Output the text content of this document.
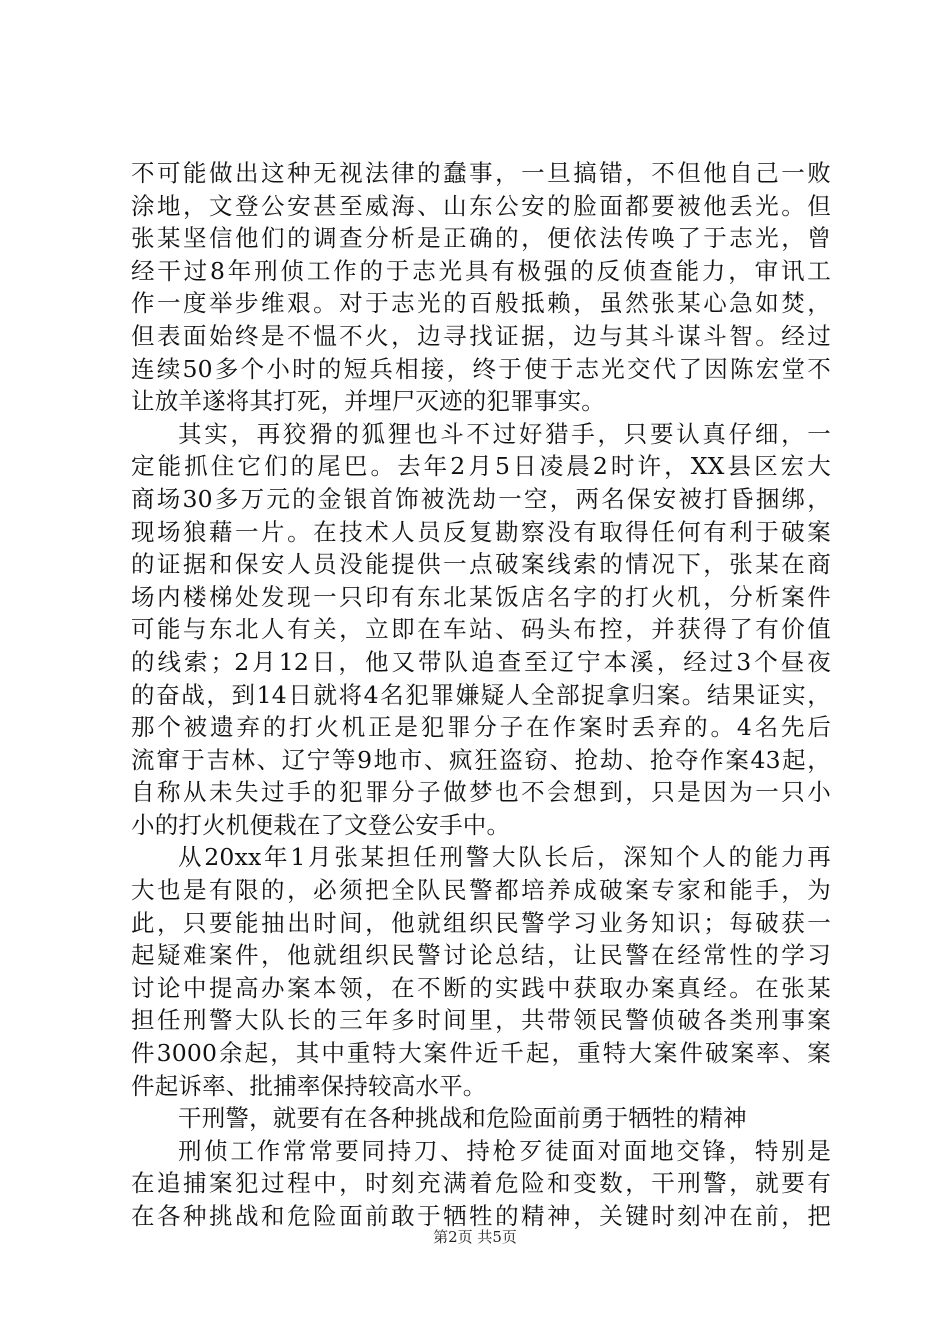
不可能做出这种无视法律的蠢事，一旦搞错，不但他自己一败
涂地，文登公安甚至威海、山东公安的脸面都要被他丢光。但
张某坚信他们的调查分析是正确的，便依法传唤了于志光，曾
经干过8年刑侦工作的于志光具有极强的反侦查能力，审讯工
作一度举步维艰。对于志光的百般抵赖，虽然张某心急如焚，
但表面始终是不愠不火，边寻找证据，边与其斗谋斗智。经过
连续50多个小时的短兵相接，终于使于志光交代了因陈宏堂不
让放羊遂将其打死，并埋尸灭迹的犯罪事实。
其实，再狡猾的狐狸也斗不过好猎手，只要认真仔细，一
定能抓住它们的尾巴。去年2月5日凌晨2时许，XX县区宏大
商场30多万元的金银首饰被洗劫一空，两名保安被打昏捆绑，
现场狼藉一片。在技术人员反复勘察没有取得任何有利于破案
的证据和保安人员没能提供一点破案线索的情况下，张某在商
场内楼梯处发现一只印有东北某饭店名字的打火机，分析案件
可能与东北人有关，立即在车站、码头布控，并获得了有价值
的线索；2月12日，他又带队追查至辽宁本溪，经过3个昼夜
的奋战，到14日就将4名犯罪嫌疑人全部捉拿归案。结果证实，
那个被遗弃的打火机正是犯罪分子在作案时丢弃的。4名先后
流窜于吉林、辽宁等9地市、疯狂盗窃、抢劫、抢夺作案43起，
自称从未失过手的犯罪分子做梦也不会想到，只是因为一只小
小的打火机便栽在了文登公安手中。
从20xx年1月张某担任刑警大队长后，深知个人的能力再
大也是有限的，必须把全队民警都培养成破案专家和能手，为
此，只要能抽出时间，他就组织民警学习业务知识；每破获一
起疑难案件，他就组织民警讨论总结，让民警在经常性的学习
讨论中提高办案本领，在不断的实践中获取办案真经。在张某
担任刑警大队长的三年多时间里，共带领民警侦破各类刑事案
件3000余起，其中重特大案件近千起，重特大案件破案率、案
件起诉率、批捕率保持较高水平。
干刑警，就要有在各种挑战和危险面前勇于牺牲的精神
刑侦工作常常要同持刀、持枪歹徒面对面地交锋，特别是
在追捕案犯过程中，时刻充满着危险和变数，干刑警，就要有
在各种挑战和危险面前敢于牺牲的精神，关键时刻冲在前，把
第2页 共5页
